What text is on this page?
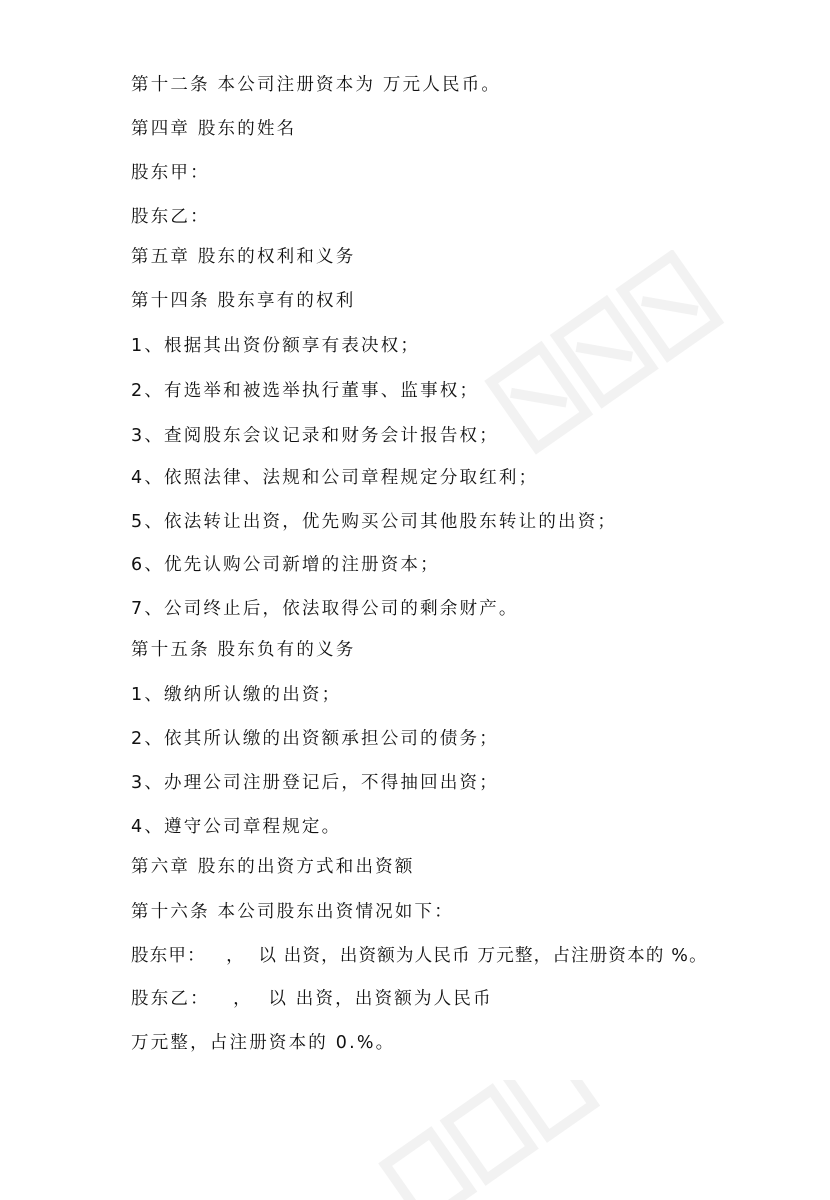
第十二条 本公司注册资本为 万元人民币。

第四章 股东的姓名

股东甲：

股东乙：

第五章 股东的权利和义务

第十四条 股东享有的权利

1、根据其出资份额享有表决权；

2、有选举和被选举执行董事、监事权；

3、查阅股东会议记录和财务会计报告权；

4、依照法律、法规和公司章程规定分取红利；

5、依法转让出资，优先购买公司其他股东转让的出资；

6、优先认购公司新增的注册资本；

7、公司终止后，依法取得公司的剩余财产。

第十五条 股东负有的义务

1、缴纳所认缴的出资；

2、依其所认缴的出资额承担公司的债务；

3、办理公司注册登记后，不得抽回出资；

4、遵守公司章程规定。

第六章 股东的出资方式和出资额

第十六条 本公司股东出资情况如下：

股东甲：   ，  以 出资，出资额为人民币 万元整，占注册资本的 %。

股东乙：   ，  以 出资，出资额为人民币

万元整，占注册资本的 0.%。
